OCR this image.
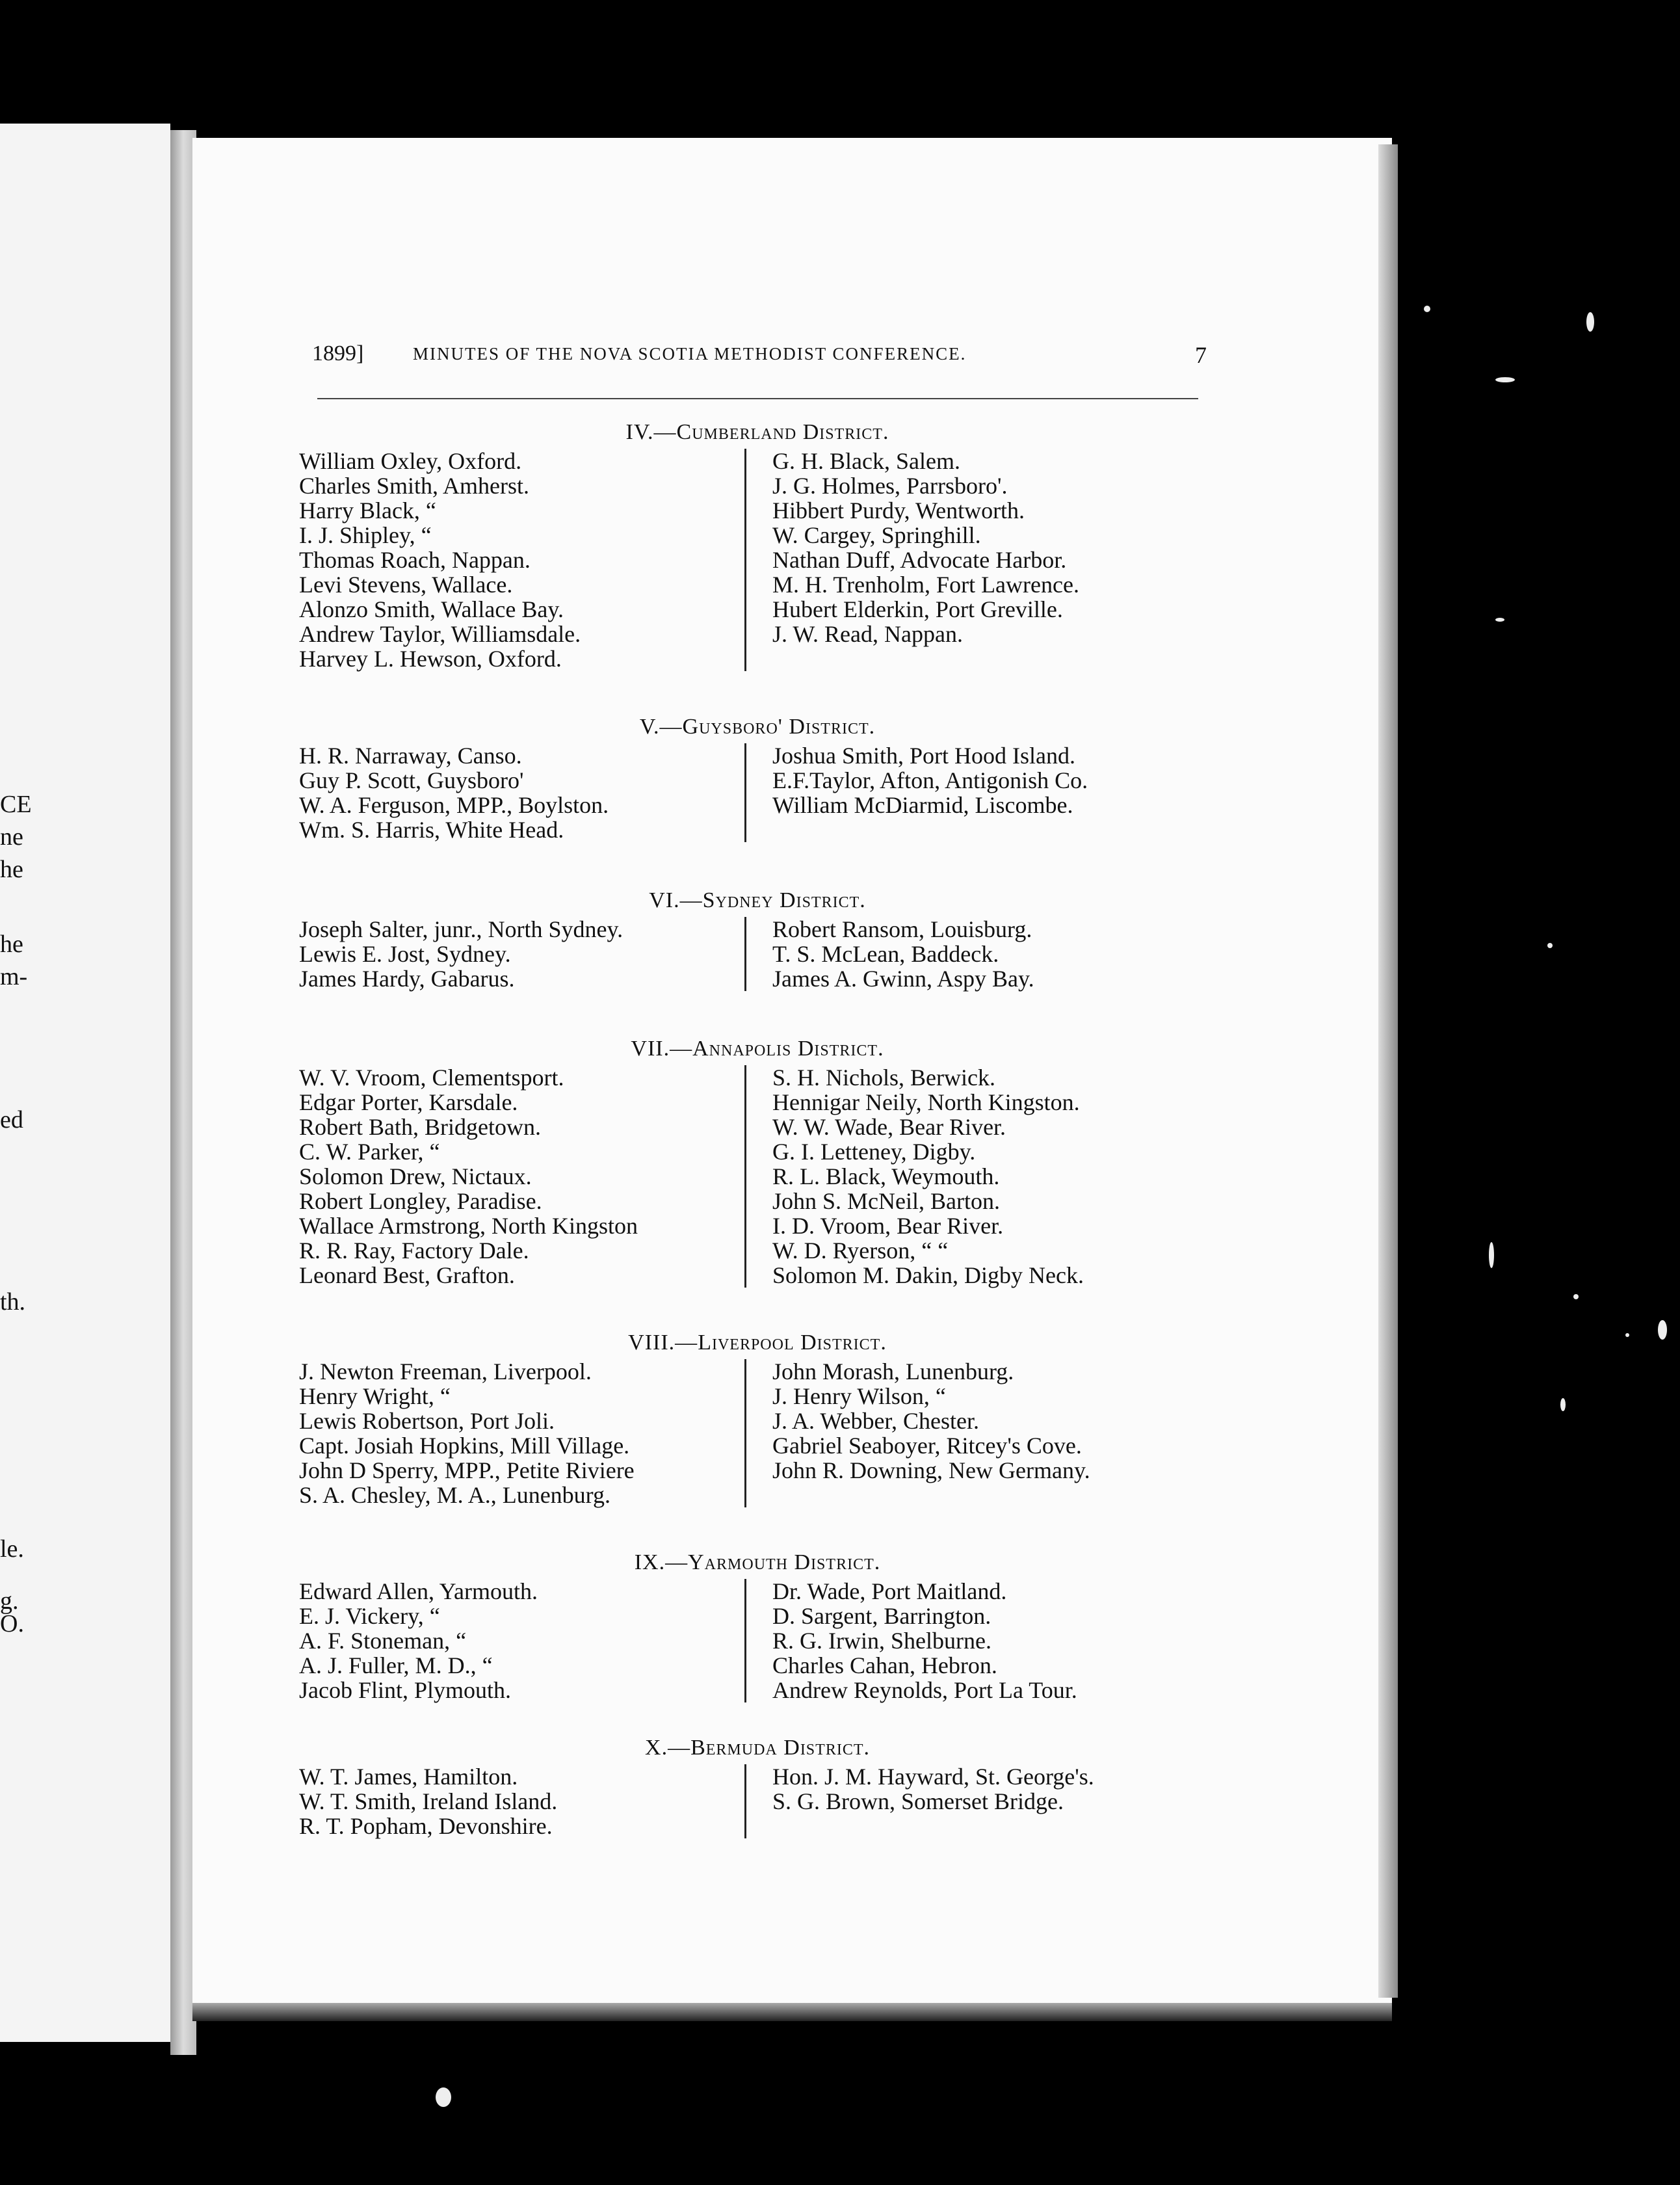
CE
ne
he
he
m-
ed
th.
le.
g.
O.
1899]	MINUTES OF THE NOVA SCOTIA METHODIST CONFERENCE.	7
IV.—Cumberland District.
William Oxley, Oxford.
Charles Smith, Amherst.
Harry Black, “
I. J. Shipley, “
Thomas Roach, Nappan.
Levi Stevens, Wallace.
Alonzo Smith, Wallace Bay.
Andrew Taylor, Williamsdale.
Harvey L. Hewson, Oxford.
G. H. Black, Salem.
J. G. Holmes, Parrsboro'.
Hibbert Purdy, Wentworth.
W. Cargey, Springhill.
Nathan Duff, Advocate Harbor.
M. H. Trenholm, Fort Lawrence.
Hubert Elderkin, Port Greville.
J. W. Read, Nappan.
V.—Guysboro' District.
H. R. Narraway, Canso.
Guy P. Scott, Guysboro'
W. A. Ferguson, MPP., Boylston.
Wm. S. Harris, White Head.
Joshua Smith, Port Hood Island.
E.F.Taylor, Afton, Antigonish Co.
William McDiarmid, Liscombe.
VI.—Sydney District.
Joseph Salter, junr., North Sydney.
Lewis E. Jost, Sydney.
James Hardy, Gabarus.
Robert Ransom, Louisburg.
T. S. McLean, Baddeck.
James A. Gwinn, Aspy Bay.
VII.—Annapolis District.
W. V. Vroom, Clementsport.
Edgar Porter, Karsdale.
Robert Bath, Bridgetown.
C. W. Parker, “
Solomon Drew, Nictaux.
Robert Longley, Paradise.
Wallace Armstrong, North Kingston
R. R. Ray, Factory Dale.
Leonard Best, Grafton.
S. H. Nichols, Berwick.
Hennigar Neily, North Kingston.
W. W. Wade, Bear River.
G. I. Letteney, Digby.
R. L. Black, Weymouth.
John S. McNeil, Barton.
I. D. Vroom, Bear River.
W. D. Ryerson, “ “
Solomon M. Dakin, Digby Neck.
VIII.—Liverpool District.
J. Newton Freeman, Liverpool.
Henry Wright, “
Lewis Robertson, Port Joli.
Capt. Josiah Hopkins, Mill Village.
John D Sperry, MPP., Petite Riviere
S. A. Chesley, M. A., Lunenburg.
John Morash, Lunenburg.
J. Henry Wilson, “
J. A. Webber, Chester.
Gabriel Seaboyer, Ritcey's Cove.
John R. Downing, New Germany.
IX.—Yarmouth District.
Edward Allen, Yarmouth.
E. J. Vickery, “
A. F. Stoneman, “
A. J. Fuller, M. D., “
Jacob Flint, Plymouth.
Dr. Wade, Port Maitland.
D. Sargent, Barrington.
R. G. Irwin, Shelburne.
Charles Cahan, Hebron.
Andrew Reynolds, Port La Tour.
X.—Bermuda District.
W. T. James, Hamilton.
W. T. Smith, Ireland Island.
R. T. Popham, Devonshire.
Hon. J. M. Hayward, St. George's.
S. G. Brown, Somerset Bridge.
